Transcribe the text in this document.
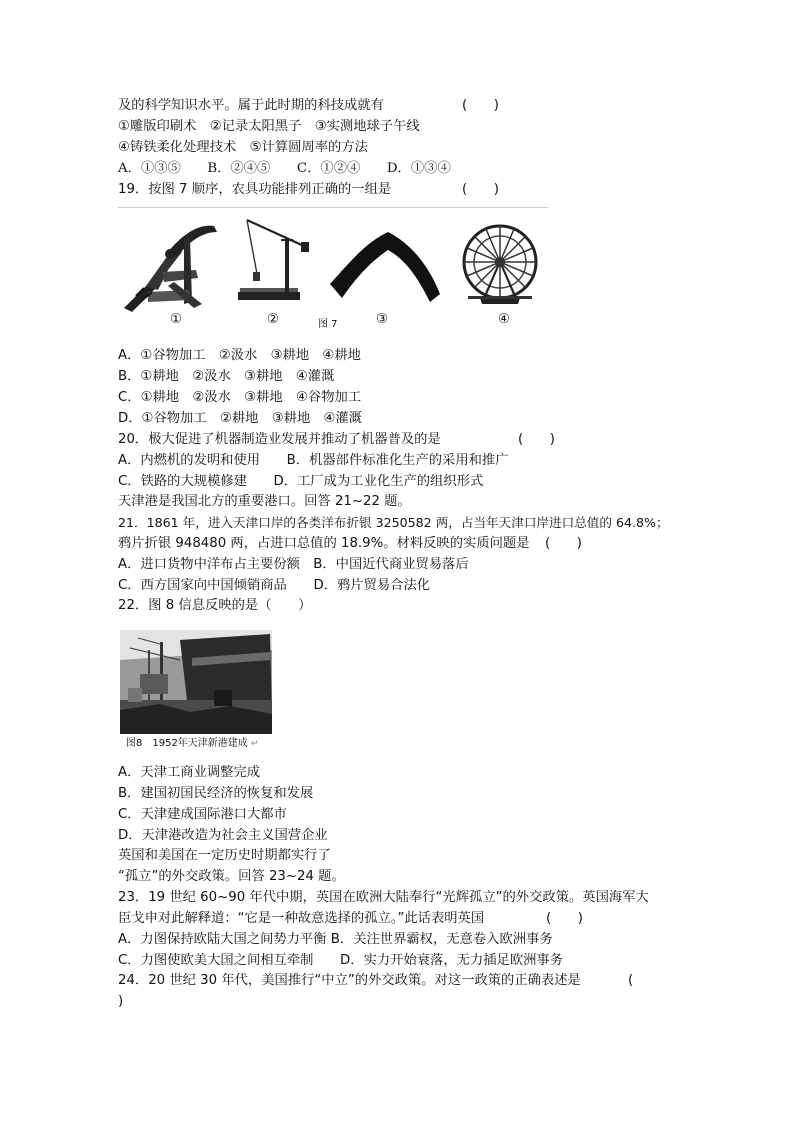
及的科学知识水平。属于此时期的科技成就有	(　　)
①雕版印刷术　②记录太阳黑子　③实测地球子午线
④铸铁柔化处理技术　⑤计算圆周率的方法
A．①③⑤　　B．②④⑤　　C．①②④　　D．①③④
19．按图 7 顺序，农具功能排列正确的一组是	(　　)
①	②	图 7	③	④
A．①谷物加工　②汲水　③耕地　④耕地
B．①耕地　②汲水　③耕地　④灌溉
C．①耕地　②汲水　③耕地　④谷物加工
D．①谷物加工　②耕地　③耕地　④灌溉
20．极大促进了机器制造业发展并推动了机器普及的是	(　　)
A．内燃机的发明和使用　　B．机器部件标准化生产的采用和推广
C．铁路的大规模修建　　D．工厂成为工业化生产的组织形式
天津港是我国北方的重要港口。回答 21~22 题。
21．1861 年，进入天津口岸的各类洋布折银 3250582 两，占当年天津口岸进口总值的 64.8%；
鸦片折银 948480 两，占进口总值的 18.9%。材料反映的实质问题是 (　　)
A．进口货物中洋布占主要份额　B．中国近代商业贸易落后
C．西方国家向中国倾销商品　　D．鸦片贸易合法化
22．图 8 信息反映的是（　　）
图8　1952年天津新港建成 ↵
A．天津工商业调整完成
B．建国初国民经济的恢复和发展
C．天津建成国际港口大都市
D．天津港改造为社会主义国营企业
英国和美国在一定历史时期都实行了
“孤立”的外交政策。回答 23~24 题。
23．19 世纪 60~90 年代中期，英国在欧洲大陆奉行“光辉孤立”的外交政策。英国海军大
臣戈申对此解释道：“它是一种故意选择的孤立。”此话表明英国	(　　)
A．力图保持欧陆大国之间势力平衡 B．关注世界霸权，无意卷入欧洲事务
C．力图使欧美大国之间相互牵制　　D．实力开始衰落，无力插足欧洲事务
24．20 世纪 30 年代，美国推行“中立”的外交政策。对这一政策的正确表述是	(
)
